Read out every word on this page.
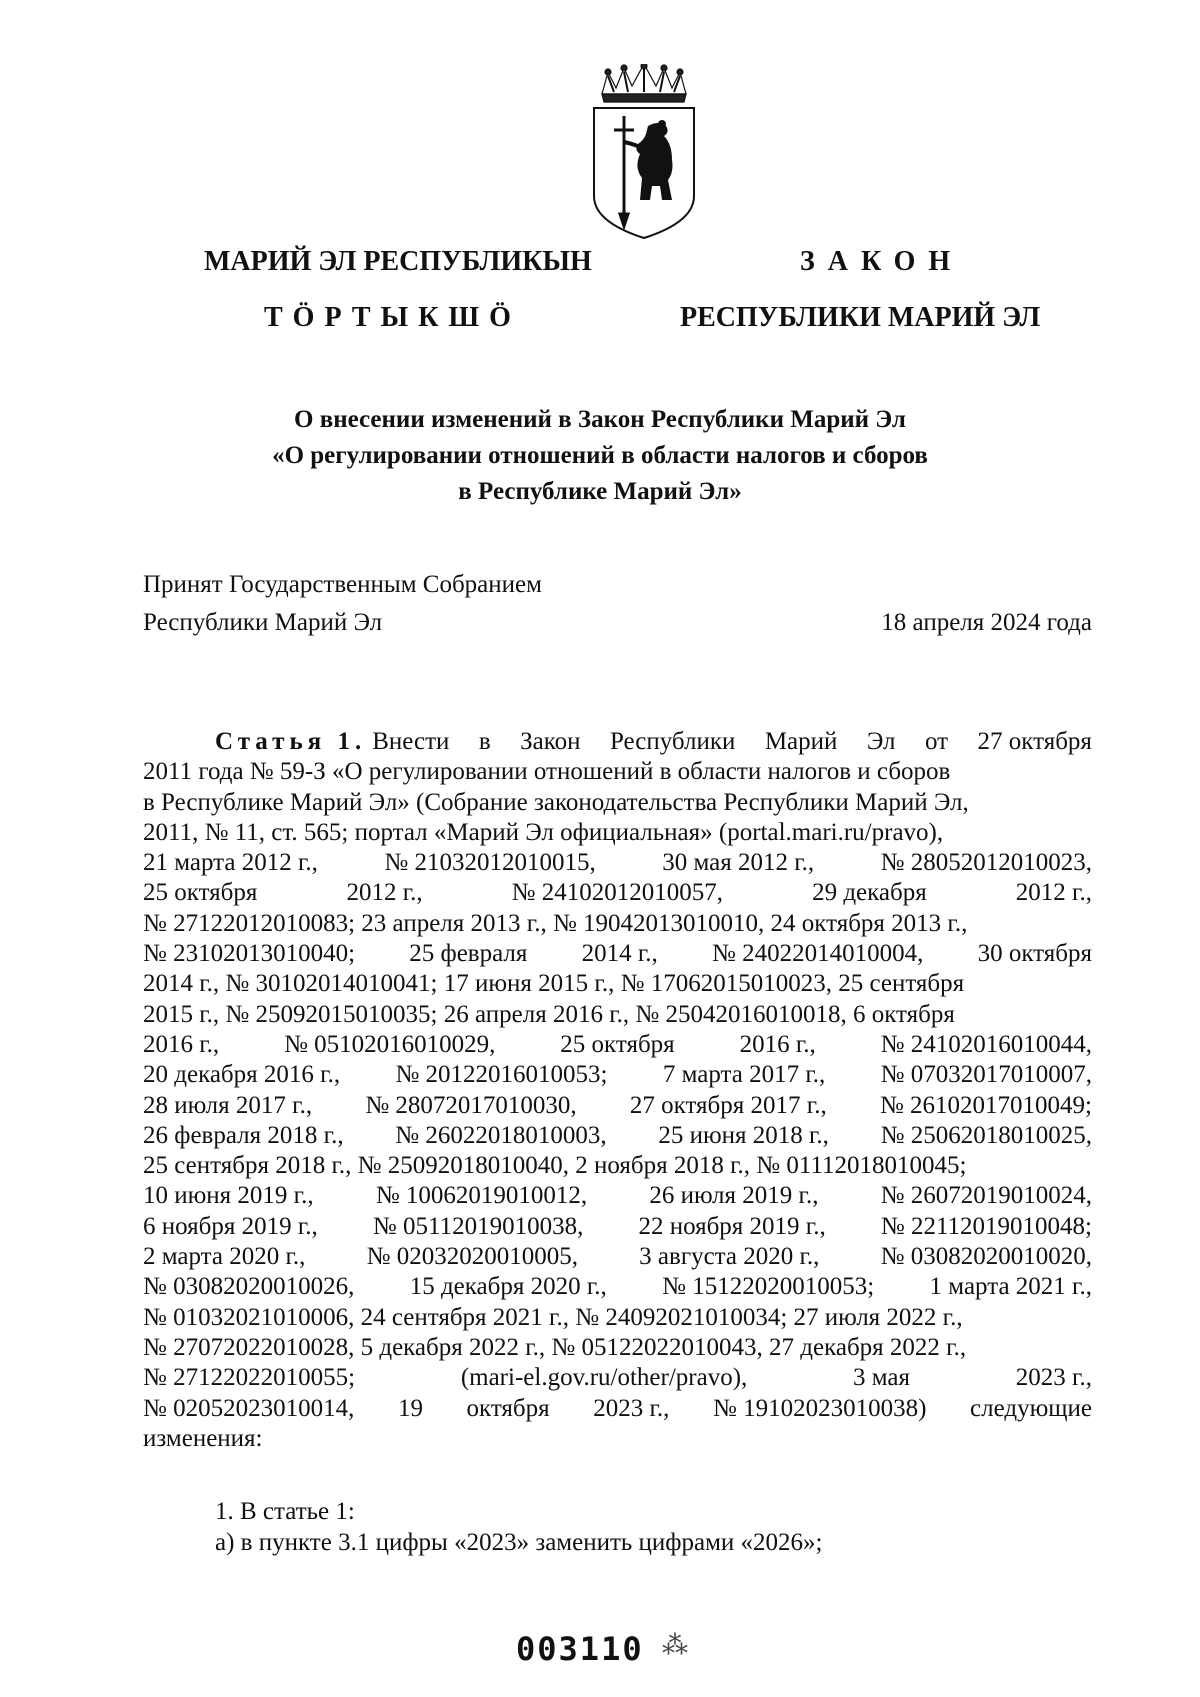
МАРИЙ ЭЛ РЕСПУБЛИКЫН
ТӦРТЫКШӦ
ЗАКОН
РЕСПУБЛИКИ МАРИЙ ЭЛ
О внесении изменений в Закон Республики Марий Эл
«О регулировании отношений в области налогов и сборов
в Республике Марий Эл»
Принят Государственным Собранием
Республики Марий Эл	18 апреля 2024 года
Статья 1. Внести в Закон Республики Марий Эл от 27 октября
2011 года № 59-З «О регулировании отношений в области налогов и сборов
в Республике Марий Эл» (Собрание законодательства Республики Марий Эл,
2011, № 11, ст. 565; портал «Марий Эл официальная» (portal.mari.ru/pravo),
21 марта 2012 г.,	№ 21032012010015,	30 мая 2012 г.,	№ 28052012010023,
25 октября	2012 г.,	№ 24102012010057,	29 декабря	2012 г.,
№ 27122012010083; 23 апреля 2013 г., № 19042013010010, 24 октября 2013 г.,
№ 23102013010040; 25 февраля 2014 г., № 24022014010004, 30 октября
2014 г., № 30102014010041; 17 июня 2015 г., № 17062015010023, 25 сентября
2015 г., № 25092015010035; 26 апреля 2016 г., № 25042016010018, 6 октября
2016 г.,	№ 05102016010029,	25 октября	2016 г.,	№ 24102016010044,
20 декабря 2016 г., № 20122016010053; 7 марта 2017 г., № 07032017010007,
28 июля 2017 г., № 28072017010030, 27 октября 2017 г., № 26102017010049;
26 февраля 2018 г., № 26022018010003, 25 июня 2018 г., № 25062018010025,
25 сентября 2018 г., № 25092018010040, 2 ноября 2018 г., № 01112018010045;
10 июня 2019 г., № 10062019010012, 26 июля 2019 г., № 26072019010024,
6 ноября 2019 г., № 05112019010038, 22 ноября 2019 г., № 22112019010048;
2 марта 2020 г., № 02032020010005, 3 августа 2020 г., № 03082020010020,
№ 03082020010026, 15 декабря 2020 г., № 15122020010053; 1 марта 2021 г.,
№ 01032021010006, 24 сентября 2021 г., № 24092021010034; 27 июля 2022 г.,
№ 27072022010028, 5 декабря 2022 г., № 05122022010043, 27 декабря 2022 г.,
№ 27122022010055;	(mari-el.gov.ru/other/pravo),	3 мая	2023 г.,
№ 02052023010014, 19 октября 2023 г., № 19102023010038) следующие
изменения:
1. В статье 1:
а) в пункте 3.1 цифры «2023» заменить цифрами «2026»;
003110 ⁂
